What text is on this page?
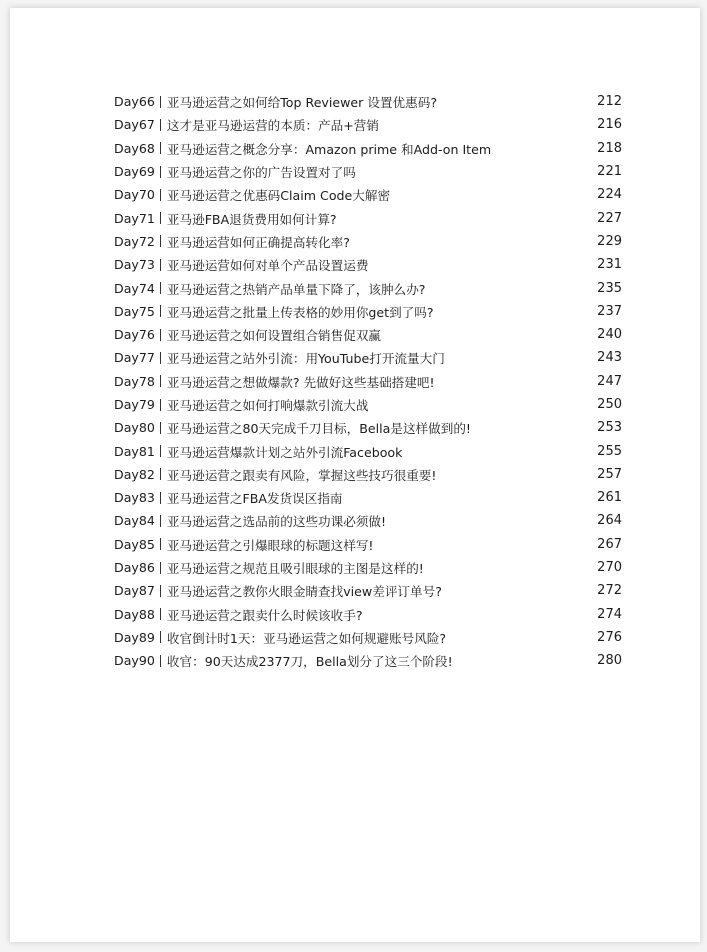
Day66 亚马逊运营之如何给Top Reviewer 设置优惠码?	212
Day67 这才是亚马逊运营的本质：产品+营销	216
Day68 亚马逊运营之概念分享：Amazon prime 和Add-on Item	218
Day69 亚马逊运营之你的广告设置对了吗	221
Day70 亚马逊运营之优惠码Claim Code大解密	224
Day71 亚马逊FBA退货费用如何计算?	227
Day72 亚马逊运营如何正确提高转化率?	229
Day73 亚马逊运营如何对单个产品设置运费	231
Day74 亚马逊运营之热销产品单量下降了，该肿么办?	235
Day75 亚马逊运营之批量上传表格的妙用你get到了吗?	237
Day76 亚马逊运营之如何设置组合销售促双赢	240
Day77 亚马逊运营之站外引流：用YouTube打开流量大门	243
Day78 亚马逊运营之想做爆款? 先做好这些基础搭建吧!	247
Day79 亚马逊运营之如何打响爆款引流大战	250
Day80 亚马逊运营之80天完成千刀目标，Bella是这样做到的!	253
Day81 亚马逊运营爆款计划之站外引流Facebook	255
Day82 亚马逊运营之跟卖有风险，掌握这些技巧很重要!	257
Day83 亚马逊运营之FBA发货误区指南	261
Day84 亚马逊运营之选品前的这些功课必须做!	264
Day85 亚马逊运营之引爆眼球的标题这样写!	267
Day86 亚马逊运营之规范且吸引眼球的主图是这样的!	270
Day87 亚马逊运营之教你火眼金睛查找view差评订单号?	272
Day88 亚马逊运营之跟卖什么时候该收手?	274
Day89 收官倒计时1天：亚马逊运营之如何规避账号风险?	276
Day90 收官：90天达成2377刀，Bella划分了这三个阶段!	280
